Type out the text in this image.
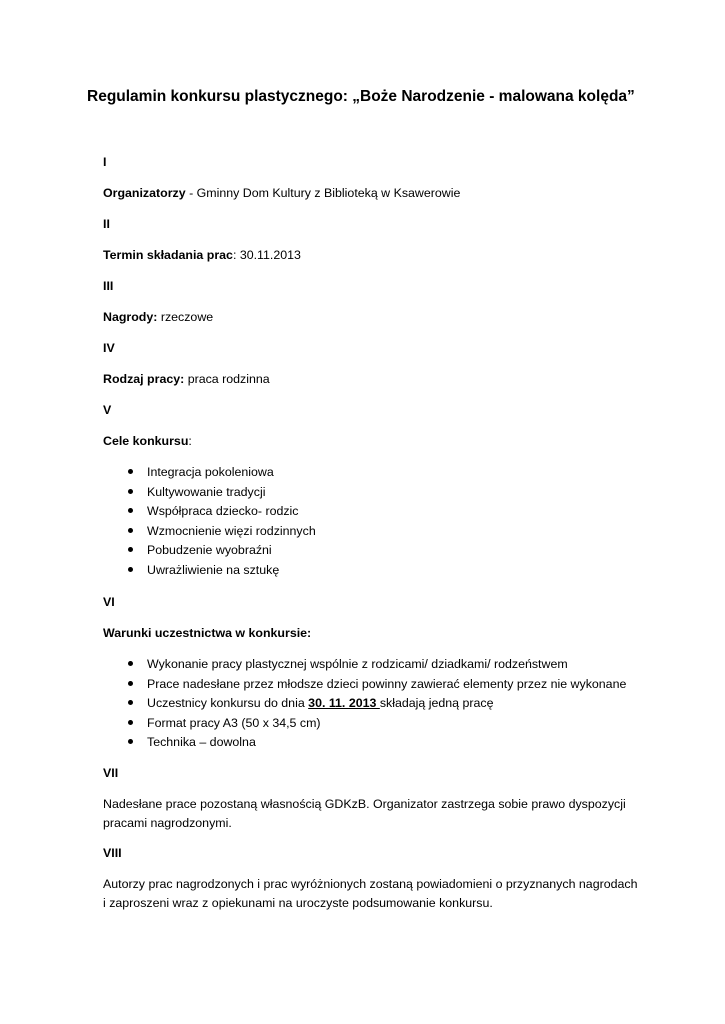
Regulamin konkursu plastycznego: „Boże Narodzenie - malowana kolęda”
I
Organizatorzy - Gminny Dom Kultury z Biblioteką w Ksawerowie
II
Termin składania prac: 30.11.2013
III
Nagrody: rzeczowe
IV
Rodzaj pracy: praca rodzinna
V
Cele konkursu:
Integracja pokoleniowa
Kultywowanie tradycji
Współpraca dziecko- rodzic
Wzmocnienie więzi rodzinnych
Pobudzenie wyobraźni
Uwrażliwienie na sztukę
VI
Warunki uczestnictwa w konkursie:
Wykonanie pracy plastycznej wspólnie z rodzicami/ dziadkami/ rodzeństwem
Prace nadesłane przez młodsze dzieci powinny zawierać elementy przez nie wykonane
Uczestnicy konkursu do dnia 30. 11. 2013 składają jedną pracę
Format pracy A3 (50 x 34,5 cm)
Technika – dowolna
VII
Nadesłane prace pozostaną własnością GDKzB. Organizator zastrzega sobie prawo dyspozycji
pracami nagrodzonymi.
VIII
Autorzy prac nagrodzonych i prac wyróżnionych zostaną powiadomieni o przyznanych nagrodach
i zaproszeni wraz z opiekunami na uroczyste podsumowanie konkursu.
